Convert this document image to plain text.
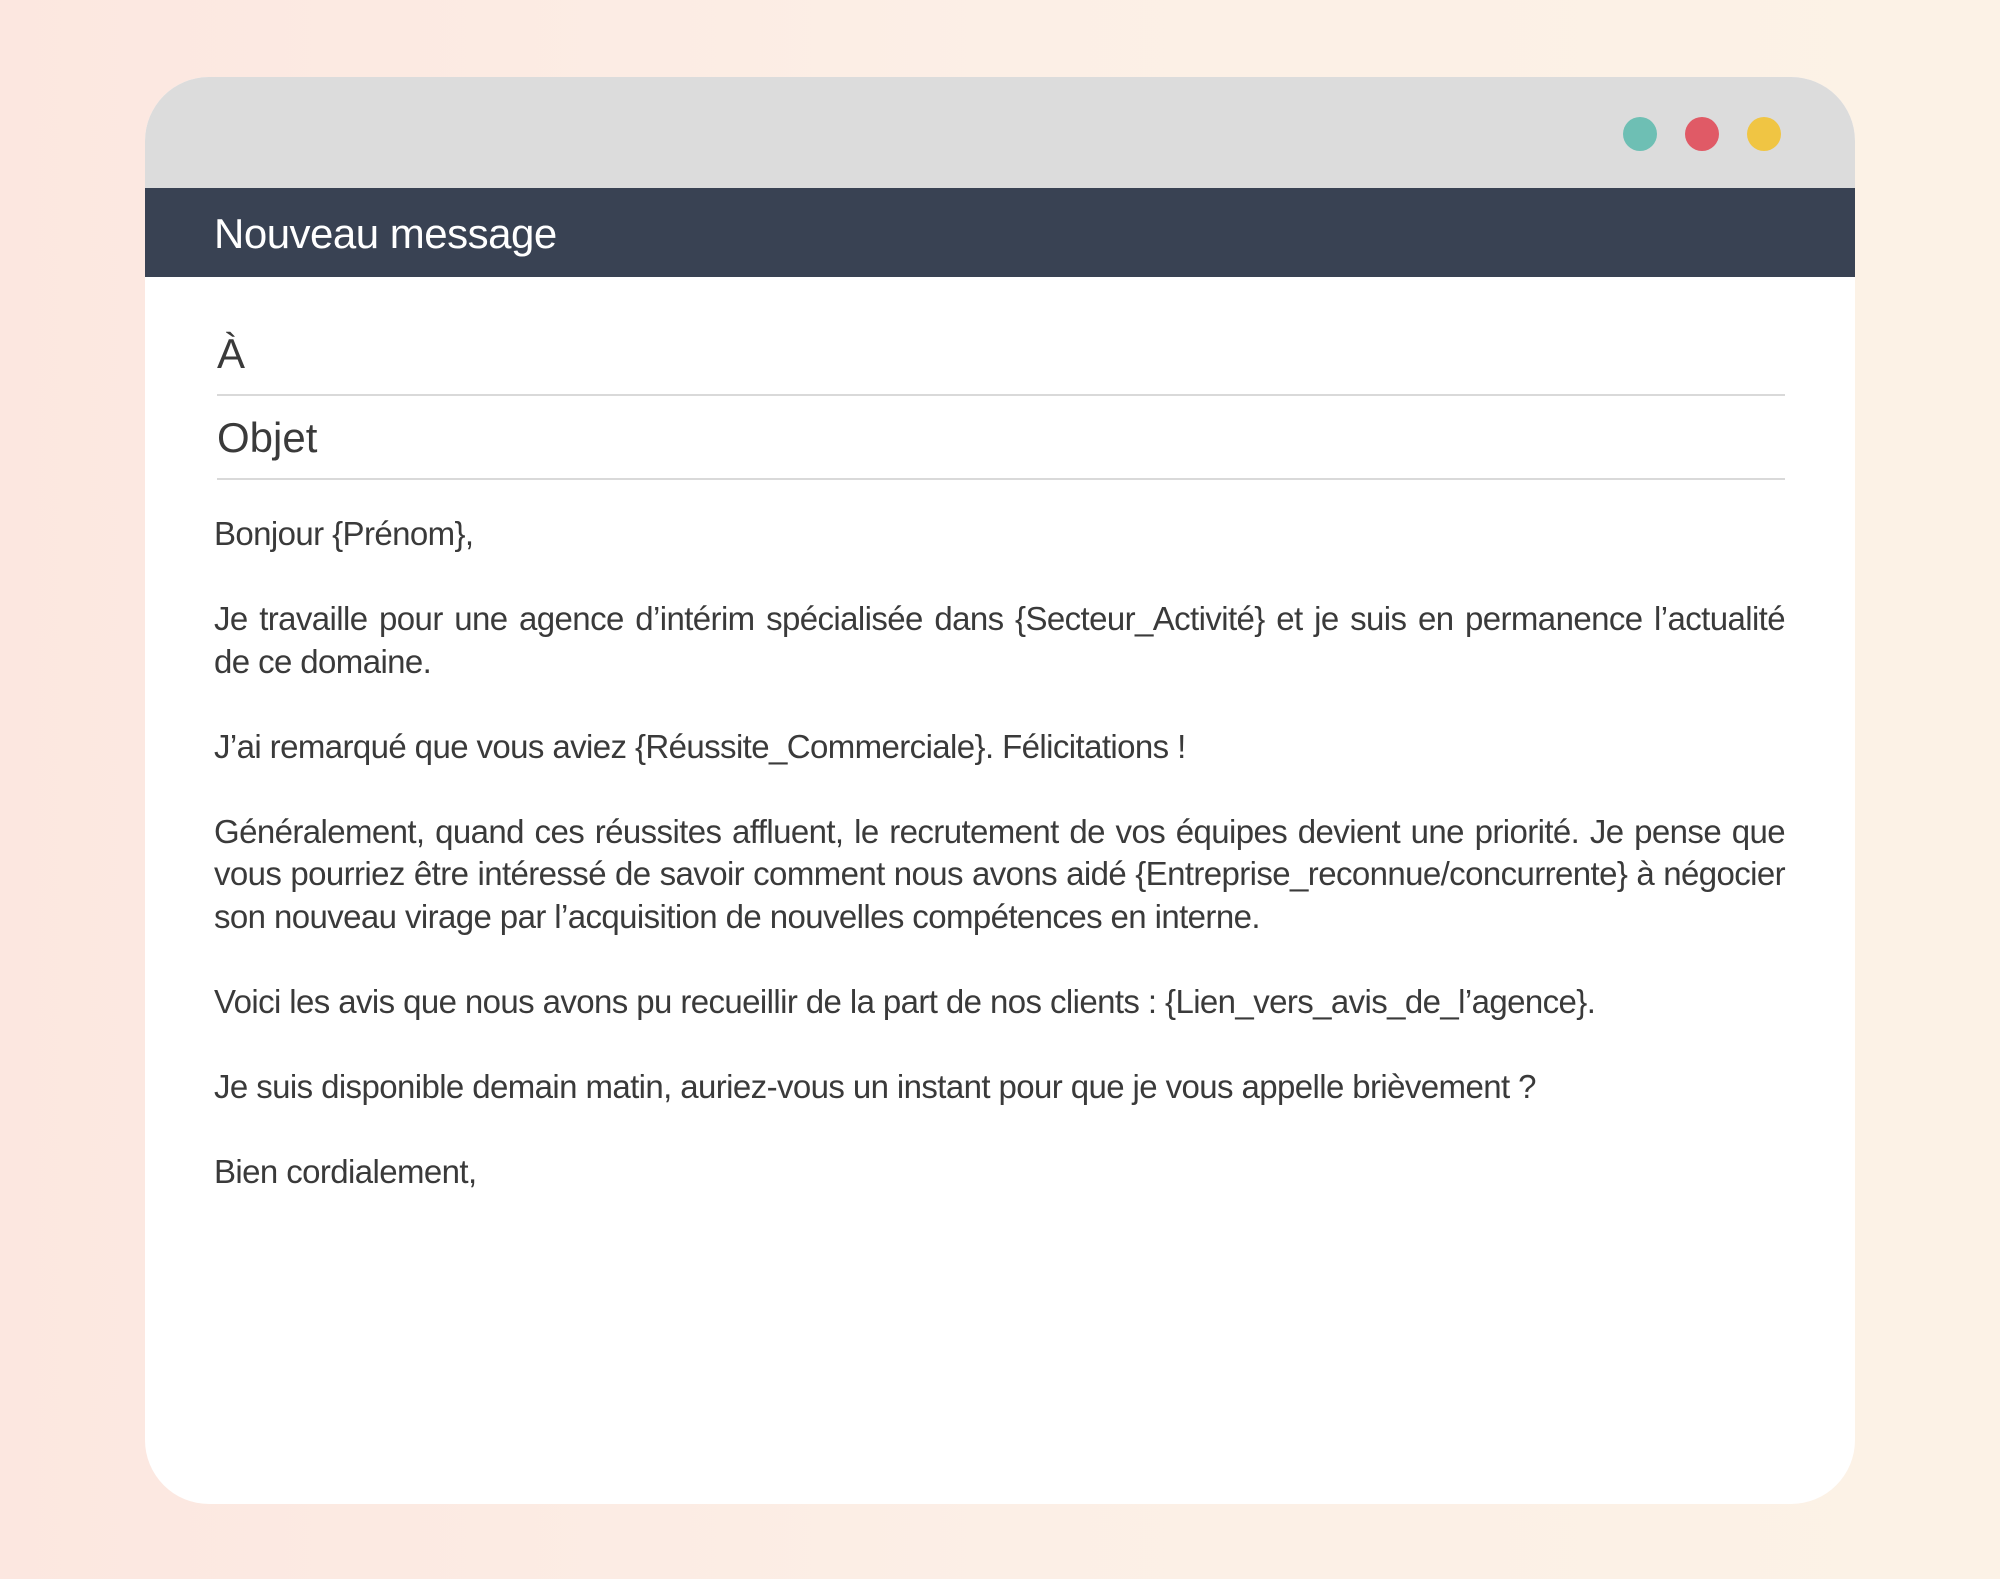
Nouveau message
À
Objet

Bonjour {Prénom},

Je travaille pour une agence d’intérim spécialisée dans {Secteur_Activité} et je suis en permanence l’actualité de ce domaine.

J’ai remarqué que vous aviez {Réussite_Commerciale}. Félicitations !

Généralement, quand ces réussites affluent, le recrutement de vos équipes devient une priorité. Je pense que vous pourriez être intéressé de savoir comment nous avons aidé {Entreprise_reconnue/concurrente} à négocier son nouveau virage par l’acquisition de nouvelles compétences en interne.

Voici les avis que nous avons pu recueillir de la part de nos clients : {Lien_vers_avis_de_l’agence}.

Je suis disponible demain matin, auriez-vous un instant pour que je vous appelle brièvement ?

Bien cordialement,
